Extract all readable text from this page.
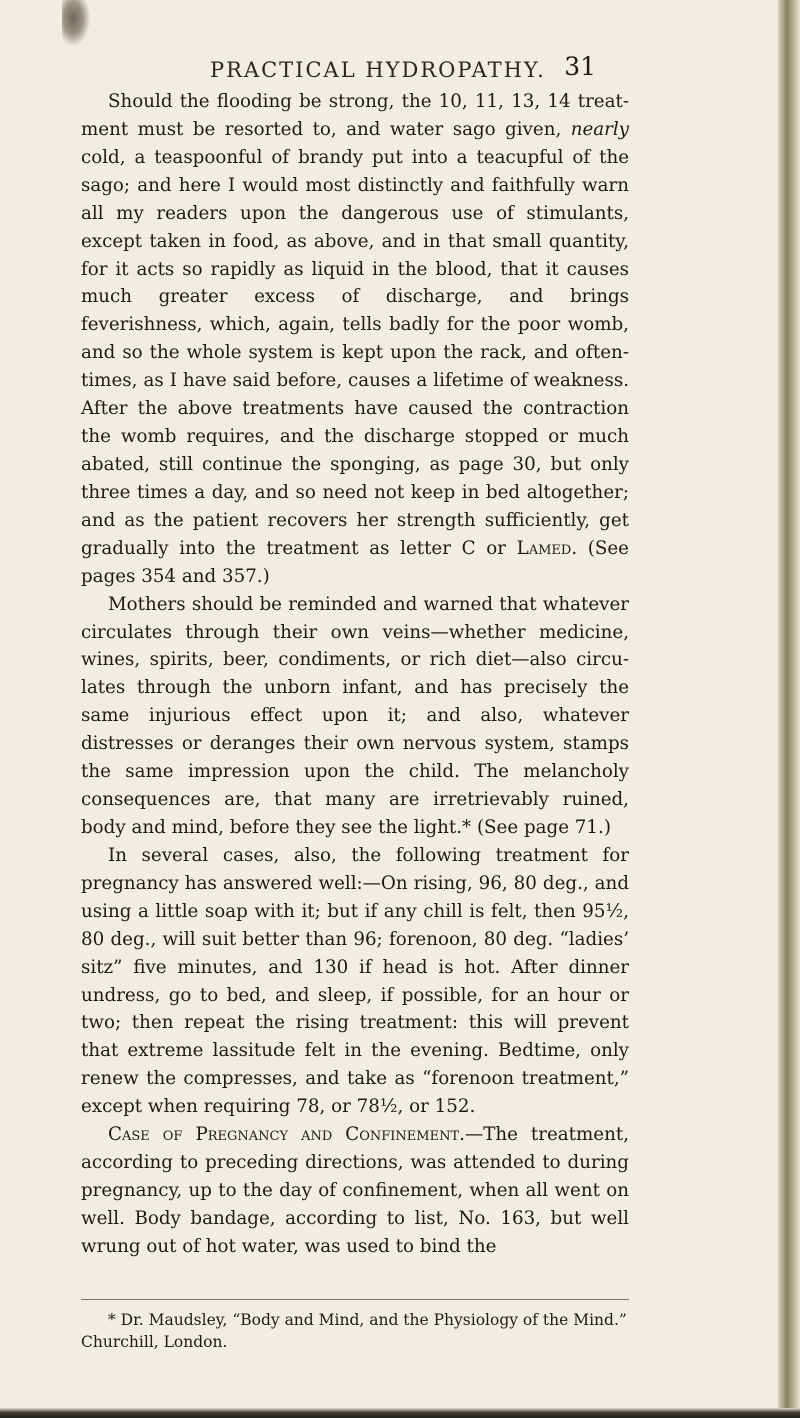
PRACTICAL HYDROPATHY. 31

Should the flooding be strong, the 10, 11, 13, 14 treatment must be resorted to, and water sago given, nearly cold, a teaspoonful of brandy put into a teacupful of the sago; and here I would most distinctly and faithfully warn all my readers upon the dangerous use of stimulants, except taken in food, as above, and in that small quantity, for it acts so rapidly as liquid in the blood, that it causes much greater excess of discharge, and brings feverishness, which, again, tells badly for the poor womb, and so the whole system is kept upon the rack, and oftentimes, as I have said before, causes a lifetime of weakness. After the above treatments have caused the contraction the womb requires, and the discharge stopped or much abated, still continue the sponging, as page 30, but only three times a day, and so need not keep in bed altogether; and as the patient recovers her strength sufficiently, get gradually into the treatment as letter C or Lamed. (See pages 354 and 357.)

Mothers should be reminded and warned that whatever circulates through their own veins—whether medicine, wines, spirits, beer, condiments, or rich diet—also circulates through the unborn infant, and has precisely the same injurious effect upon it; and also, whatever distresses or deranges their own nervous system, stamps the same impression upon the child. The melancholy consequences are, that many are irretrievably ruined, body and mind, before they see the light.* (See page 71.)

In several cases, also, the following treatment for pregnancy has answered well:—On rising, 96, 80 deg., and using a little soap with it; but if any chill is felt, then 95½, 80 deg., will suit better than 96; forenoon, 80 deg. “ladies’ sitz” five minutes, and 130 if head is hot. After dinner undress, go to bed, and sleep, if possible, for an hour or two; then repeat the rising treatment: this will prevent that extreme lassitude felt in the evening. Bedtime, only renew the compresses, and take as “forenoon treatment,” except when requiring 78, or 78½, or 152.

Case of Pregnancy and Confinement.—The treatment, according to preceding directions, was attended to during pregnancy, up to the day of confinement, when all went on well. Body bandage, according to list, No. 163, but well wrung out of hot water, was used to bind the

* Dr. Maudsley, “Body and Mind, and the Physiology of the Mind.” Churchill, London.
